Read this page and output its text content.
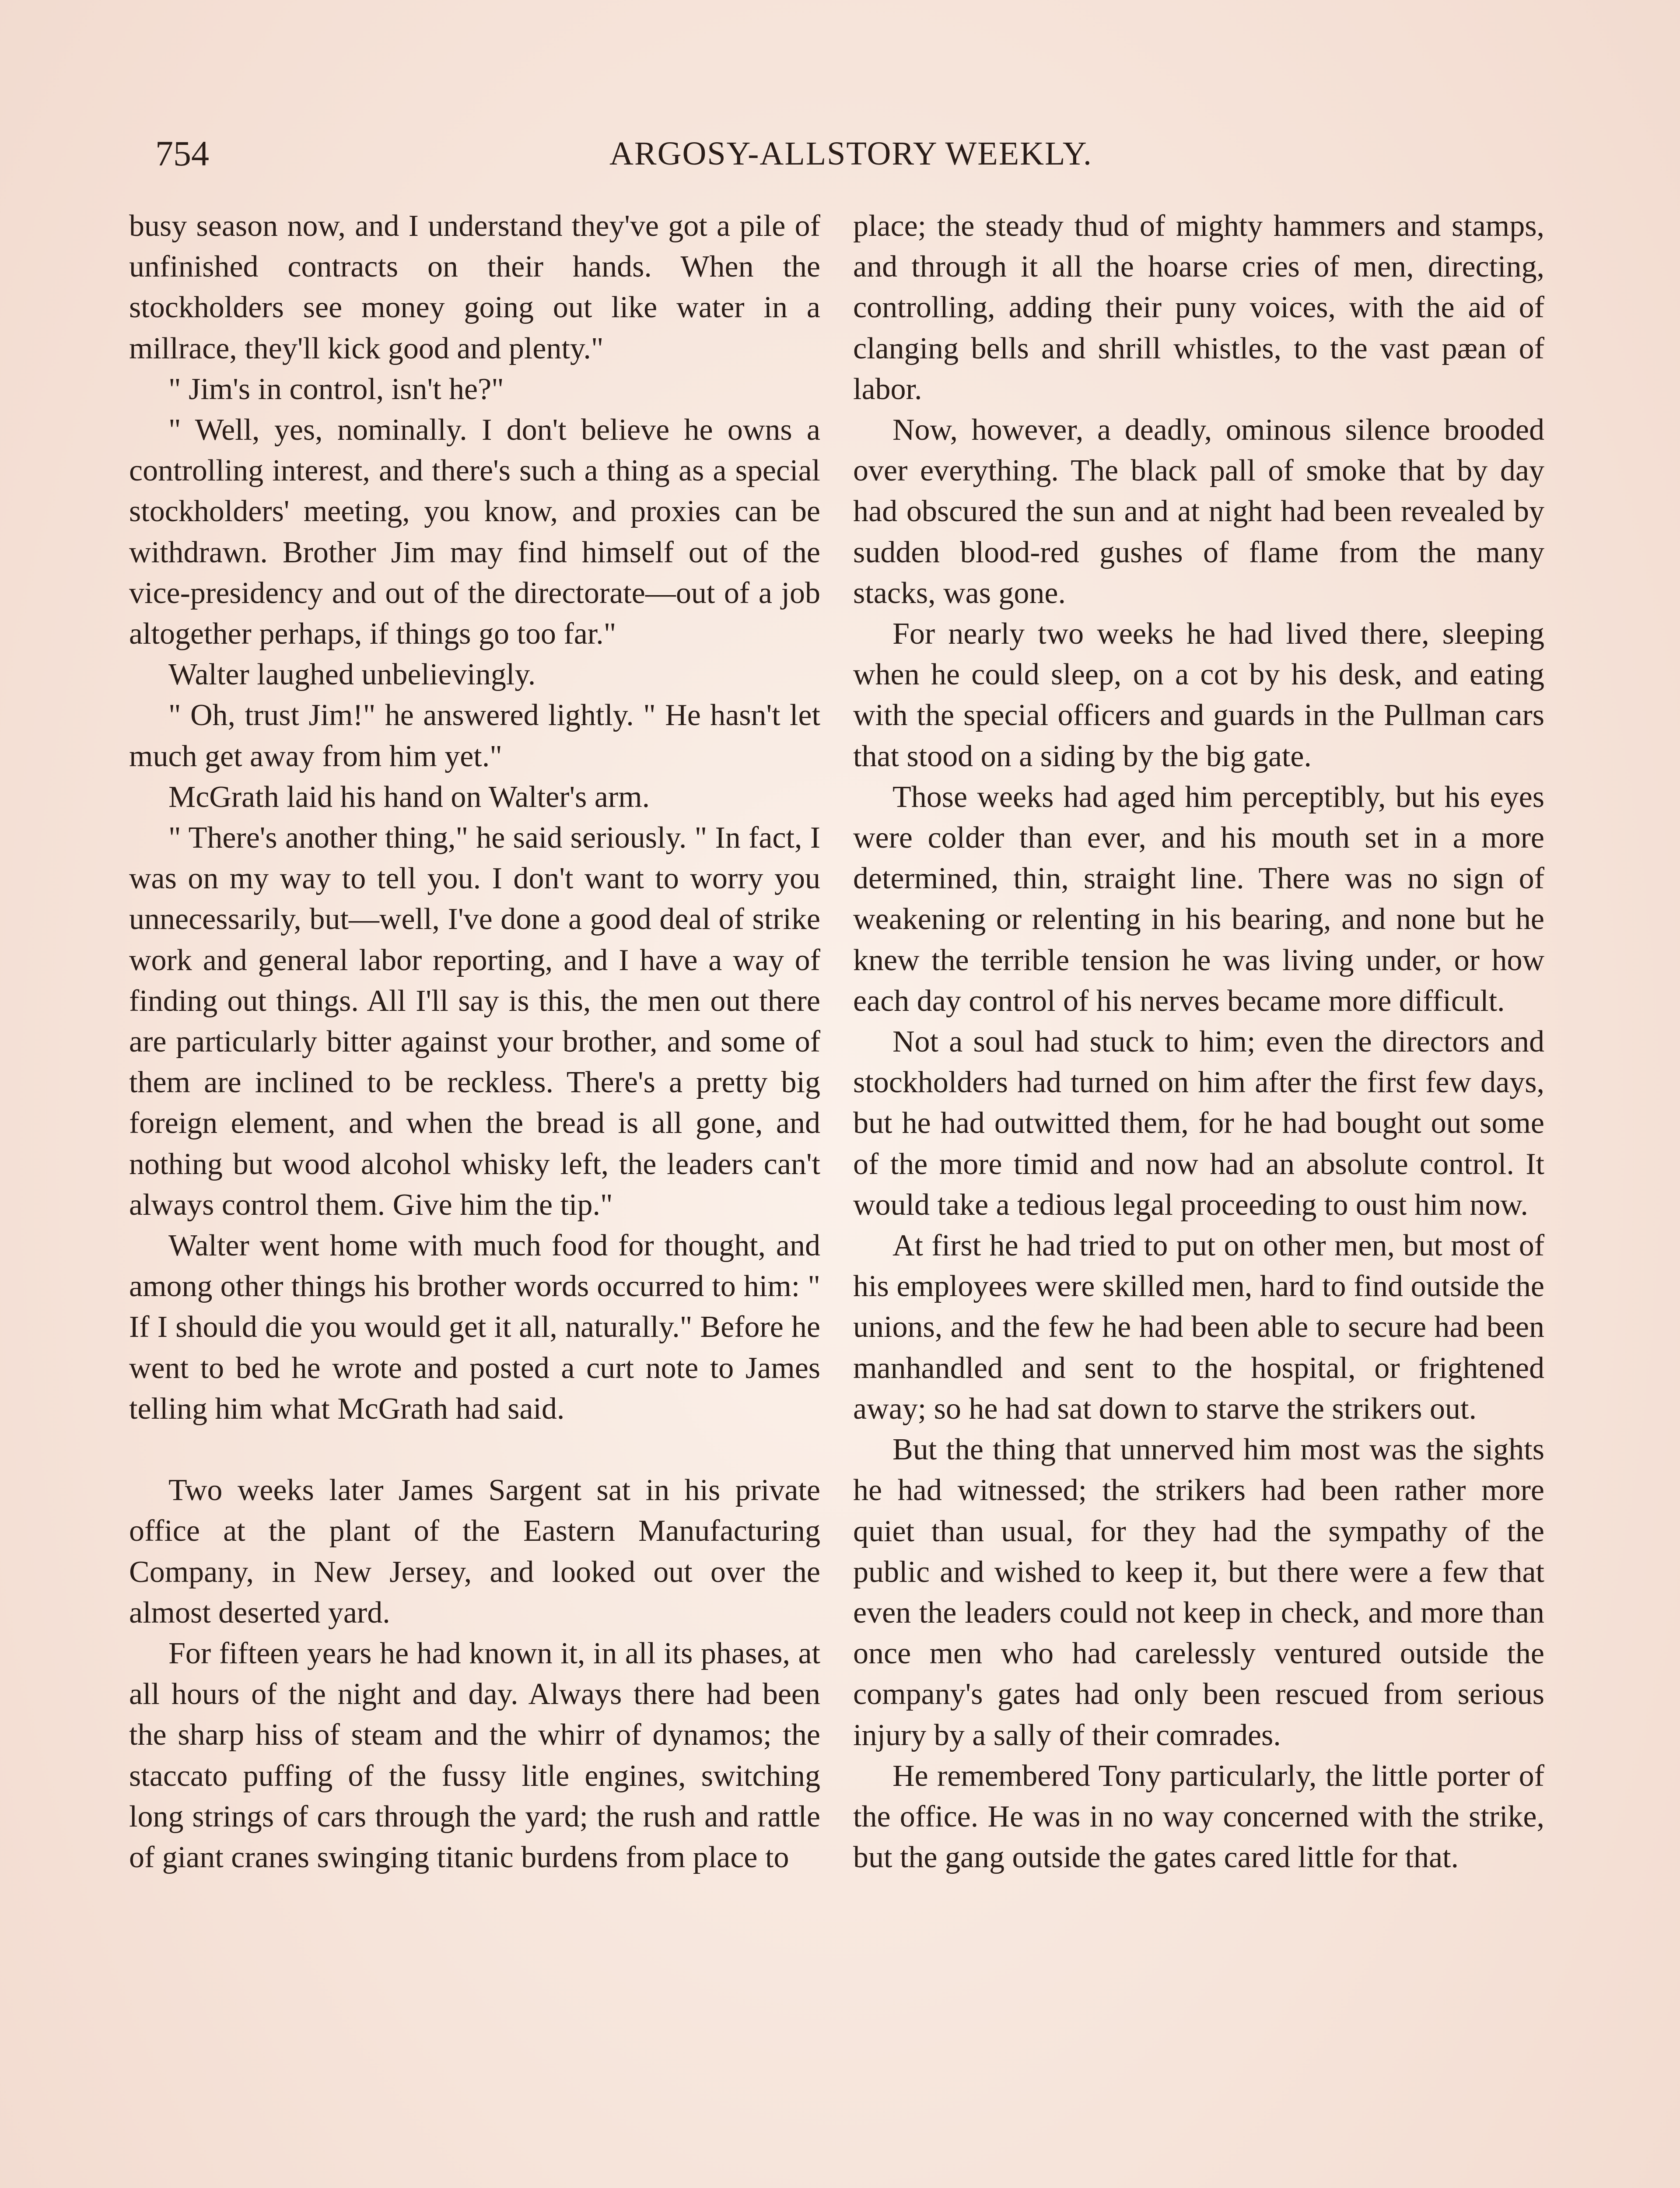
754	ARGOSY-ALLSTORY WEEKLY.

busy season now, and I understand they've got a pile of unfinished contracts on their hands. When the stockholders see money going out like water in a millrace, they'll kick good and plenty."

" Jim's in control, isn't he?"

" Well, yes, nominally. I don't believe he owns a controlling interest, and there's such a thing as a special stockholders' meeting, you know, and proxies can be withdrawn. Brother Jim may find himself out of the vice-presidency and out of the directorate—out of a job altogether perhaps, if things go too far."

Walter laughed unbelievingly.

" Oh, trust Jim!" he answered lightly. " He hasn't let much get away from him yet."

McGrath laid his hand on Walter's arm.

" There's another thing," he said seriously. " In fact, I was on my way to tell you. I don't want to worry you unnecessarily, but—well, I've done a good deal of strike work and general labor reporting, and I have a way of finding out things. All I'll say is this, the men out there are particularly bitter against your brother, and some of them are inclined to be reckless. There's a pretty big foreign element, and when the bread is all gone, and nothing but wood alcohol whisky left, the leaders can't always control them. Give him the tip."

Walter went home with much food for thought, and among other things his brother words occurred to him: " If I should die you would get it all, naturally." Before he went to bed he wrote and posted a curt note to James telling him what McGrath had said.

Two weeks later James Sargent sat in his private office at the plant of the Eastern Manufacturing Company, in New Jersey, and looked out over the almost deserted yard.

For fifteen years he had known it, in all its phases, at all hours of the night and day. Always there had been the sharp hiss of steam and the whirr of dynamos; the staccato puffing of the fussy litle engines, switching long strings of cars through the yard; the rush and rattle of giant cranes swinging titanic burdens from place to

place; the steady thud of mighty hammers and stamps, and through it all the hoarse cries of men, directing, controlling, adding their puny voices, with the aid of clanging bells and shrill whistles, to the vast pæan of labor.

Now, however, a deadly, ominous silence brooded over everything. The black pall of smoke that by day had obscured the sun and at night had been revealed by sudden blood-red gushes of flame from the many stacks, was gone.

For nearly two weeks he had lived there, sleeping when he could sleep, on a cot by his desk, and eating with the special officers and guards in the Pullman cars that stood on a siding by the big gate.

Those weeks had aged him perceptibly, but his eyes were colder than ever, and his mouth set in a more determined, thin, straight line. There was no sign of weakening or relenting in his bearing, and none but he knew the terrible tension he was living under, or how each day control of his nerves became more difficult.

Not a soul had stuck to him; even the directors and stockholders had turned on him after the first few days, but he had outwitted them, for he had bought out some of the more timid and now had an absolute control. It would take a tedious legal proceeding to oust him now.

At first he had tried to put on other men, but most of his employees were skilled men, hard to find outside the unions, and the few he had been able to secure had been manhandled and sent to the hospital, or frightened away; so he had sat down to starve the strikers out.

But the thing that unnerved him most was the sights he had witnessed; the strikers had been rather more quiet than usual, for they had the sympathy of the public and wished to keep it, but there were a few that even the leaders could not keep in check, and more than once men who had carelessly ventured outside the company's gates had only been rescued from serious injury by a sally of their comrades.

He remembered Tony particularly, the little porter of the office. He was in no way concerned with the strike, but the gang outside the gates cared little for that.
